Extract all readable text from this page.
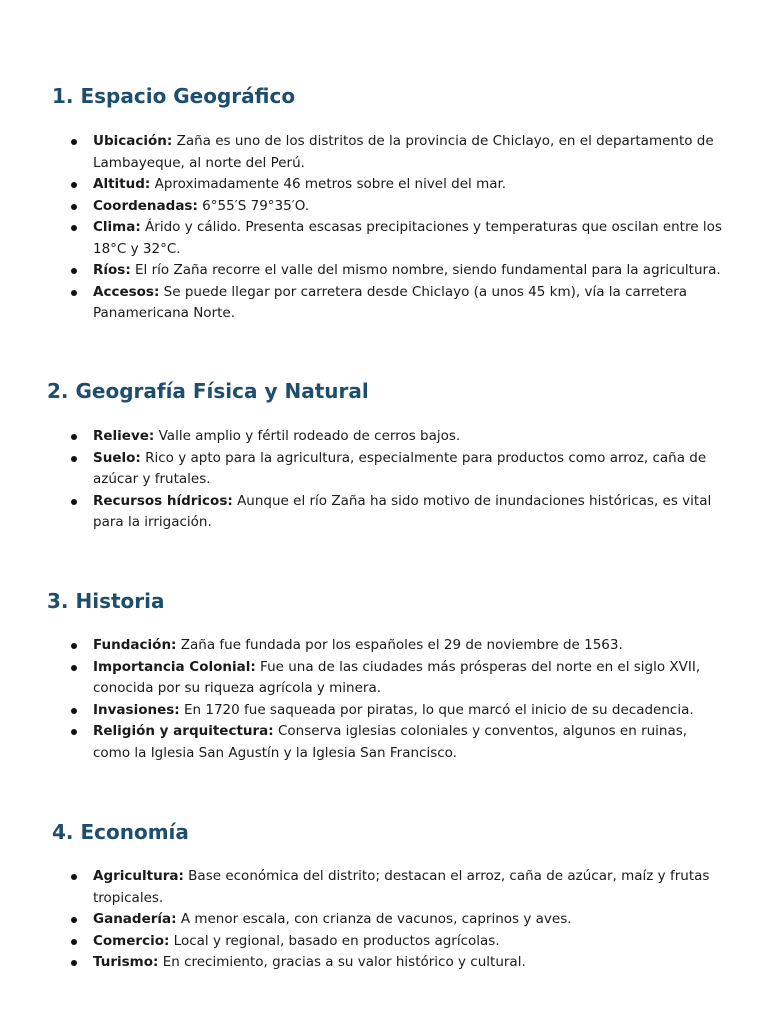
1. Espacio Geográfico
Ubicación: Zaña es uno de los distritos de la provincia de Chiclayo, en el departamento de Lambayeque, al norte del Perú.
Altitud: Aproximadamente 46 metros sobre el nivel del mar.
Coordenadas: 6°55′S 79°35′O.
Clima: Árido y cálido. Presenta escasas precipitaciones y temperaturas que oscilan entre los 18°C y 32°C.
Ríos: El río Zaña recorre el valle del mismo nombre, siendo fundamental para la agricultura.
Accesos: Se puede llegar por carretera desde Chiclayo (a unos 45 km), vía la carretera Panamericana Norte.
2. Geografía Física y Natural
Relieve: Valle amplio y fértil rodeado de cerros bajos.
Suelo: Rico y apto para la agricultura, especialmente para productos como arroz, caña de azúcar y frutales.
Recursos hídricos: Aunque el río Zaña ha sido motivo de inundaciones históricas, es vital para la irrigación.
3. Historia
Fundación: Zaña fue fundada por los españoles el 29 de noviembre de 1563.
Importancia Colonial: Fue una de las ciudades más prósperas del norte en el siglo XVII, conocida por su riqueza agrícola y minera.
Invasiones: En 1720 fue saqueada por piratas, lo que marcó el inicio de su decadencia.
Religión y arquitectura: Conserva iglesias coloniales y conventos, algunos en ruinas, como la Iglesia San Agustín y la Iglesia San Francisco.
4. Economía
Agricultura: Base económica del distrito; destacan el arroz, caña de azúcar, maíz y frutas tropicales.
Ganadería: A menor escala, con crianza de vacunos, caprinos y aves.
Comercio: Local y regional, basado en productos agrícolas.
Turismo: En crecimiento, gracias a su valor histórico y cultural.
